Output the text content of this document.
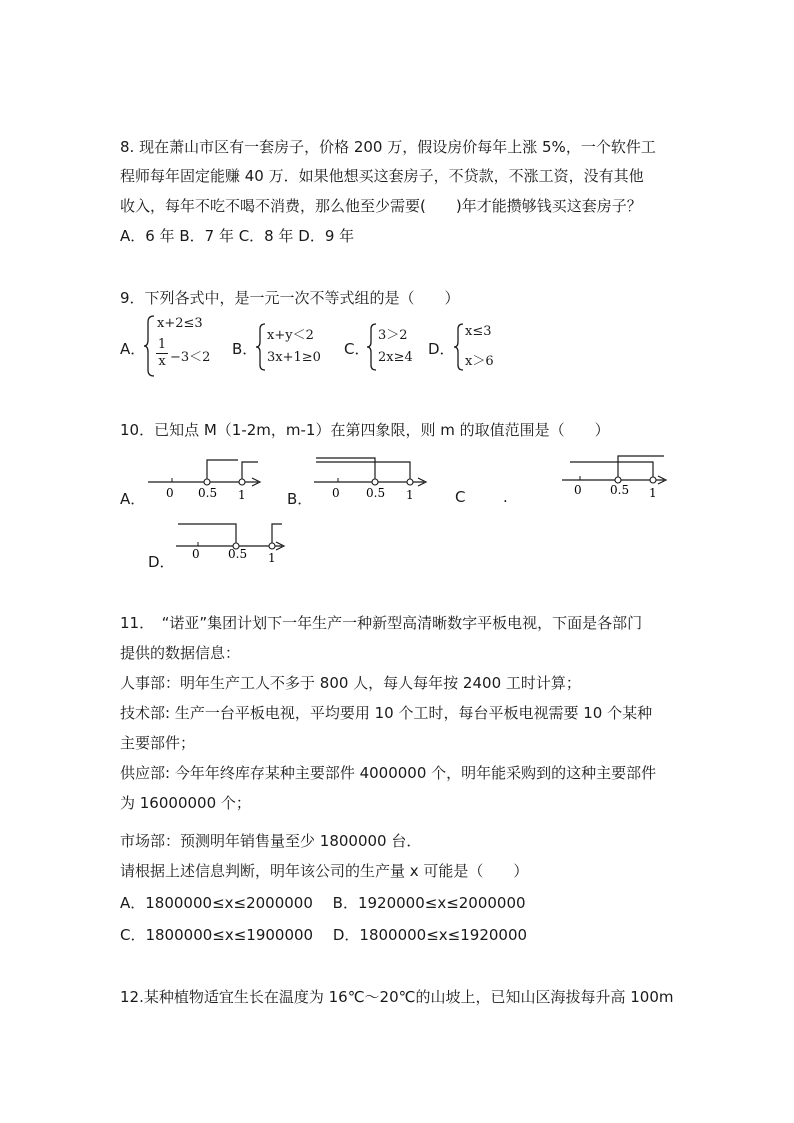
8. 现在萧山市区有一套房子，价格 200 万，假设房价每年上涨 5%，一个软件工
程师每年固定能赚 40 万．如果他想买这套房子，不贷款，不涨工资，没有其他
收入，每年不吃不喝不消费，那么他至少需要(　　)年才能攒够钱买这套房子？
A．6 年 B．7 年 C．8 年 D．9 年
9．下列各式中，是一元一次不等式组的是（　　）
A．
x+2≤3
1
x −3＜2 B．
x+y＜2
3x+1≥0 C．
3＞2
2x≥4 D．
x≤3
x＞6
10．已知点 M（1-2m，m-1）在第四象限，则 m 的取值范围是（　　）
A． 0 0.5 1	B． 0 0.5 1	C	.	0 0.5 1
D． 0 0.5 1
11．　“诺亚”集团计划下一年生产一种新型高清晰数字平板电视，下面是各部门
提供的数据信息：
人事部：明年生产工人不多于 800 人，每人每年按 2400 工时计算；
技术部: 生产一台平板电视，平均要用 10 个工时，每台平板电视需要 10 个某种
主要部件；
供应部: 今年年终库存某种主要部件 4000000 个，明年能采购到的这种主要部件
为 16000000 个；
市场部：预测明年销售量至少 1800000 台．
请根据上述信息判断，明年该公司的生产量 x 可能是（　　）
A．1800000≤x≤2000000　 B．1920000≤x≤2000000
C．1800000≤x≤1900000　 D．1800000≤x≤1920000
12.某种植物适宜生长在温度为 16℃～20℃的山坡上，已知山区海拔每升高 100m
